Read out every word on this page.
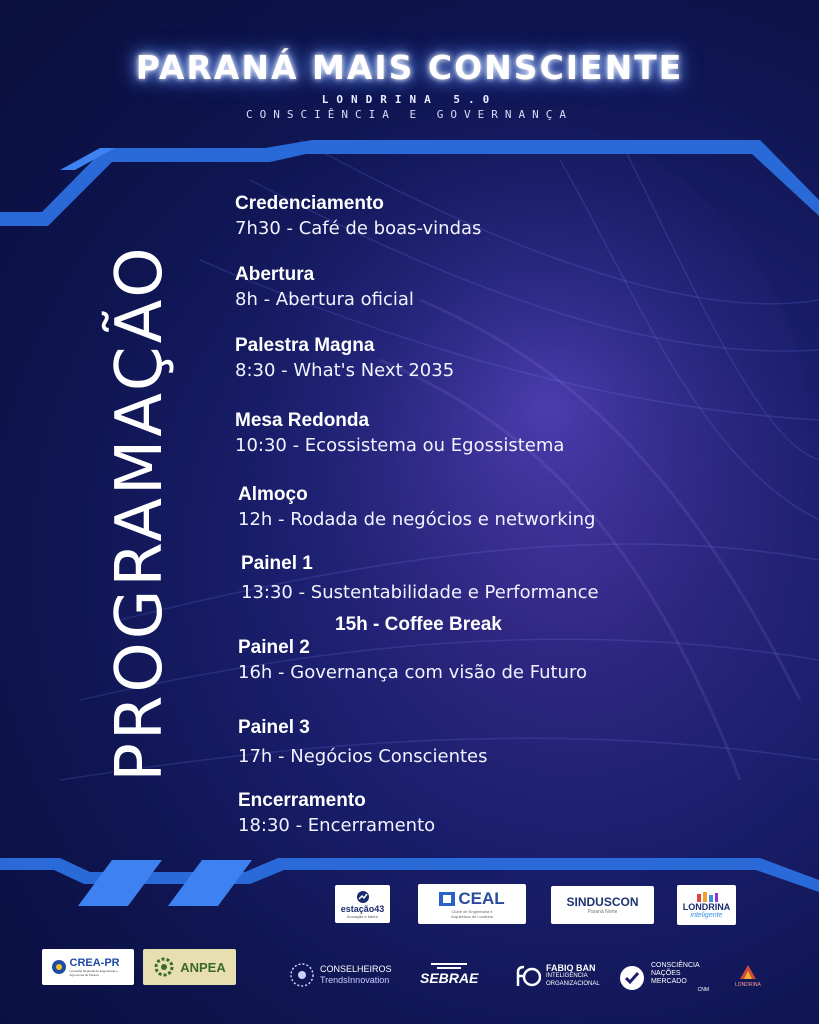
PARANÁ MAIS CONSCIENTE
LONDRINA 5.0
CONSCIÊNCIA E GOVERNANÇA
PROGRAMAÇÃO
Credenciamento
7h30 - Café de boas-vindas
Abertura
8h - Abertura oficial
Palestra Magna
8:30 - What's Next 2035
Mesa Redonda
10:30 - Ecossistema ou Egossistema
Almoço
12h - Rodada de negócios e networking
Painel 1
13:30 - Sustentabilidade e Performance
15h - Coffee Break
Painel 2
16h - Governança com visão de Futuro
Painel 3
17h - Negócios Conscientes
Encerramento
18:30 - Encerramento
estação43
Inovação e futuro
CEAL
Clube de Engenharia e Arquitetura de Londrina
SINDUSCON
Paraná Norte
LONDRINA
inteligente
CREA-PR
Conselho Regional de Engenharia e Agronomia do Paraná
ANPEA	CONSELHEIROS
TrendsInnovation SEBRAE
FABIO BAN
INTELIGÊNCIA ORGANIZACIONAL
CONSCIÊNCIA NAÇÕES MERCADO
CNM
LONDRINA
